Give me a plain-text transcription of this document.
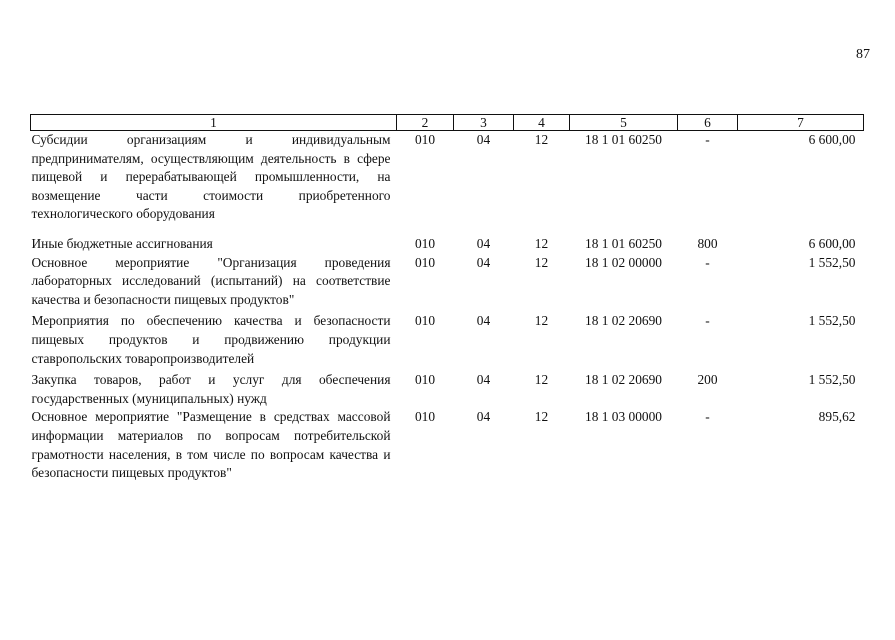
87
1	2	3	4	5	6	7
Субсидии организациям и индивидуальным предпринимателям, осуществляющим деятельность в сфере пищевой и перерабатывающей промышленности, на возмещение части стоимости приобретенного технологического оборудования	010	04	12	18 1 01 60250	-	6 600,00
Иные бюджетные ассигнования	010	04	12	18 1 01 60250	800	6 600,00
Основное мероприятие "Организация проведения лабораторных исследований (испытаний) на соответствие качества и безопасности пищевых продуктов"	010	04	12	18 1 02 00000	-	1 552,50
Мероприятия по обеспечению качества и безопасности пищевых продуктов и продвижению продукции ставропольских товаропроизводителей	010	04	12	18 1 02 20690	-	1 552,50
Закупка товаров, работ и услуг для обеспечения государственных (муниципальных) нужд	010	04	12	18 1 02 20690	200	1 552,50
Основное мероприятие "Размещение в средствах массовой информации материалов по вопросам потребительской грамотности населения, в том числе по вопросам качества и безопасности пищевых продуктов"	010	04	12	18 1 03 00000	-	895,62
